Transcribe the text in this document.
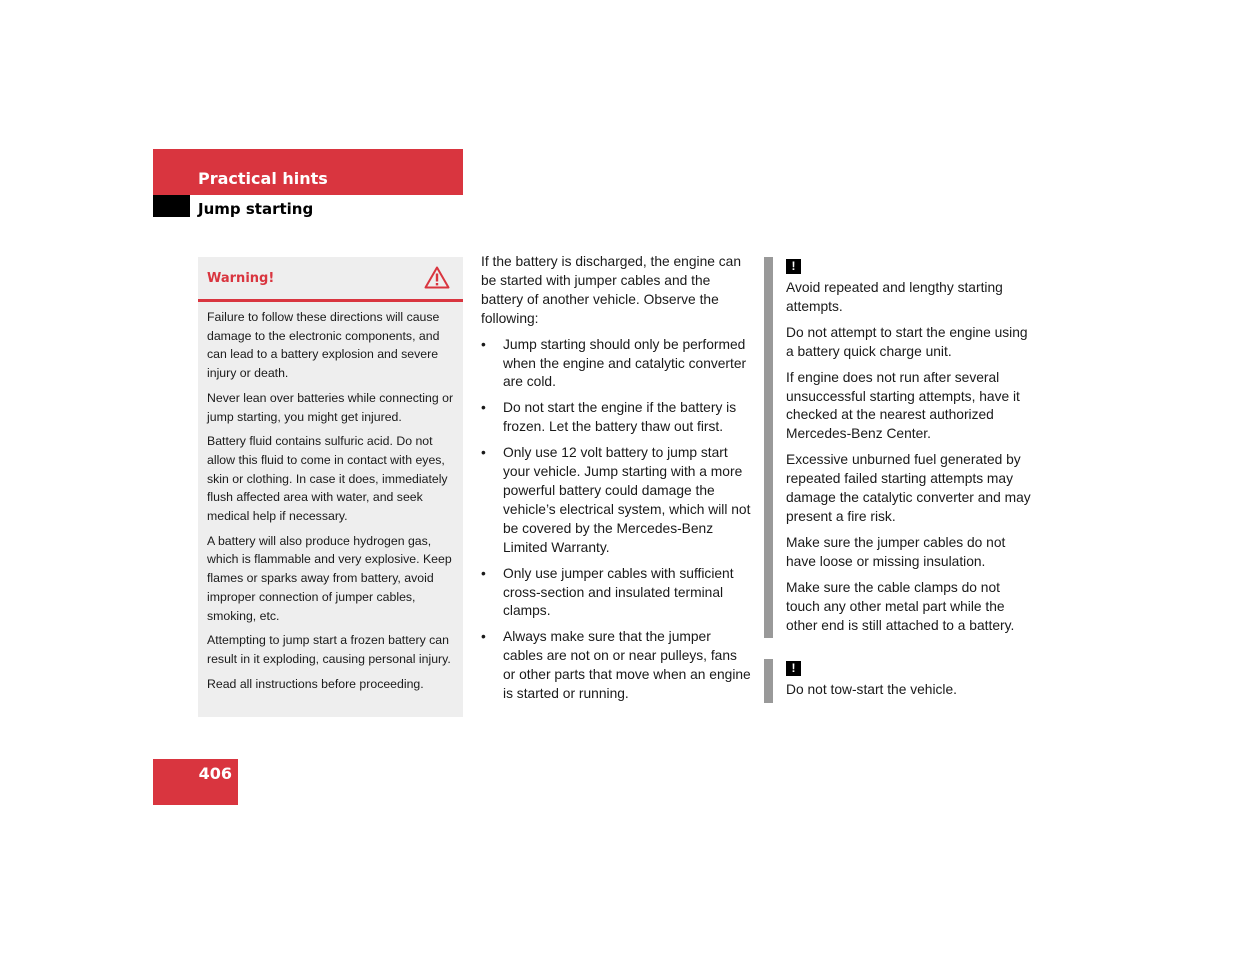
Practical hints
Jump starting
Warning!

Failure to follow these directions will cause damage to the electronic components, and can lead to a battery explosion and severe injury or death.

Never lean over batteries while connecting or jump starting, you might get injured.

Battery fluid contains sulfuric acid. Do not allow this fluid to come in contact with eyes, skin or clothing. In case it does, immediately flush affected area with water, and seek medical help if necessary.

A battery will also produce hydrogen gas, which is flammable and very explosive. Keep flames or sparks away from battery, avoid improper connection of jumper cables, smoking, etc.

Attempting to jump start a frozen battery can result in it exploding, causing personal injury.

Read all instructions before proceeding.

If the battery is discharged, the engine can be started with jumper cables and the battery of another vehicle. Observe the following:

• Jump starting should only be performed when the engine and catalytic converter are cold.
• Do not start the engine if the battery is frozen. Let the battery thaw out first.
• Only use 12 volt battery to jump start your vehicle. Jump starting with a more powerful battery could damage the vehicle’s electrical system, which will not be covered by the Mercedes-Benz Limited Warranty.
• Only use jumper cables with sufficient cross-section and insulated terminal clamps.
• Always make sure that the jumper cables are not on or near pulleys, fans or other parts that move when an engine is started or running.
!

Avoid repeated and lengthy starting attempts.

Do not attempt to start the engine using a battery quick charge unit.

If engine does not run after several unsuccessful starting attempts, have it checked at the nearest authorized Mercedes-Benz Center.

Excessive unburned fuel generated by repeated failed starting attempts may damage the catalytic converter and may present a fire risk.

Make sure the jumper cables do not have loose or missing insulation.

Make sure the cable clamps do not touch any other metal part while the other end is still attached to a battery.

!

Do not tow-start the vehicle.

406
